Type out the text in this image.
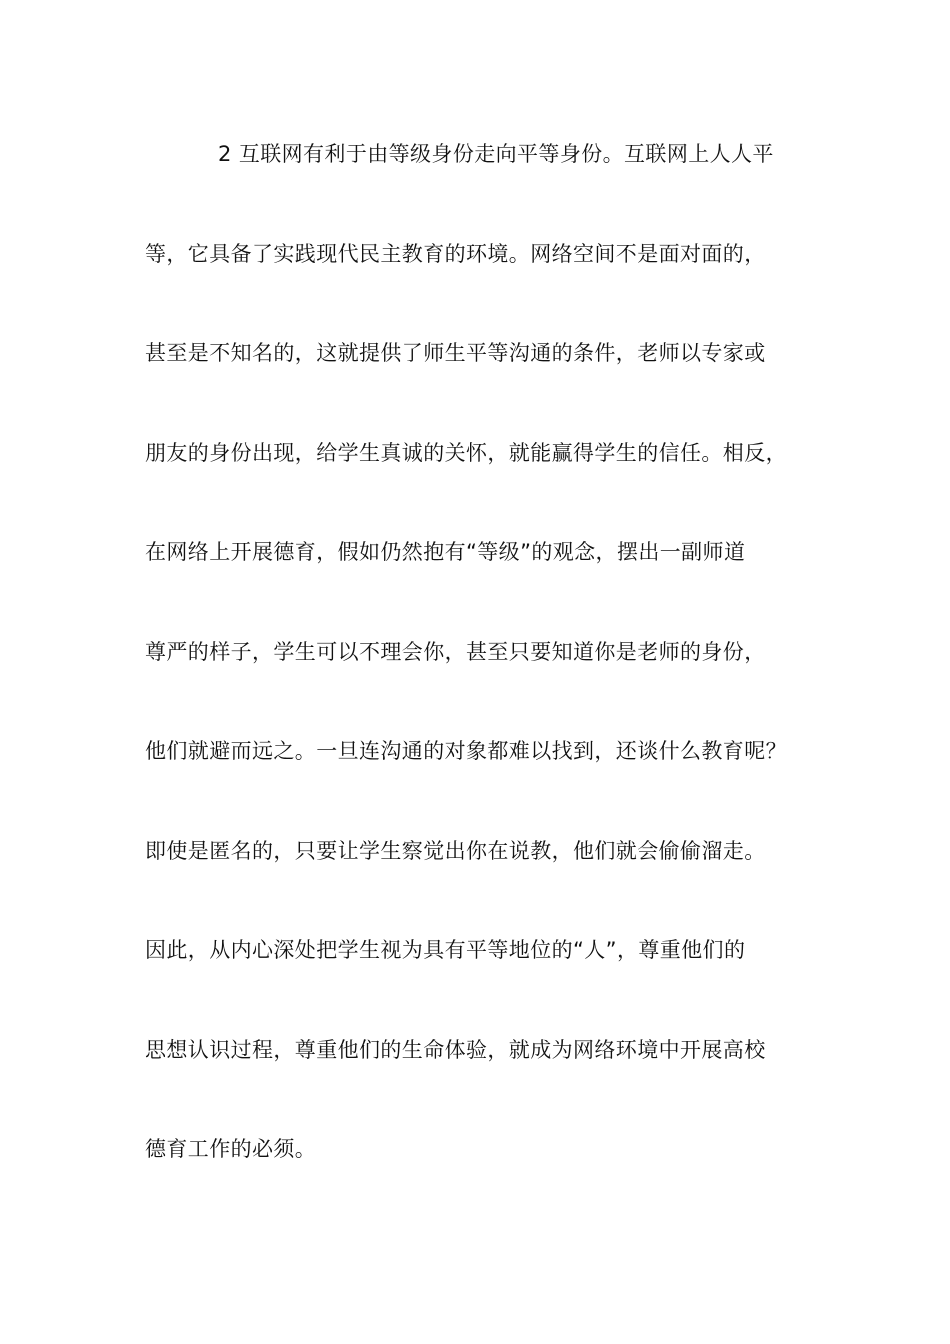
2 互联网有利于由等级身份走向平等身份。互联网上人人平
等，它具备了实践现代民主教育的环境。网络空间不是面对面的，
甚至是不知名的，这就提供了师生平等沟通的条件，老师以专家或
朋友的身份出现，给学生真诚的关怀，就能赢得学生的信任。相反，
在网络上开展德育，假如仍然抱有“等级”的观念，摆出一副师道
尊严的样子，学生可以不理会你，甚至只要知道你是老师的身份，
他们就避而远之。一旦连沟通的对象都难以找到，还谈什么教育呢？
即使是匿名的，只要让学生察觉出你在说教，他们就会偷偷溜走。
因此，从内心深处把学生视为具有平等地位的“人”，尊重他们的
思想认识过程，尊重他们的生命体验，就成为网络环境中开展高校
德育工作的必须。
